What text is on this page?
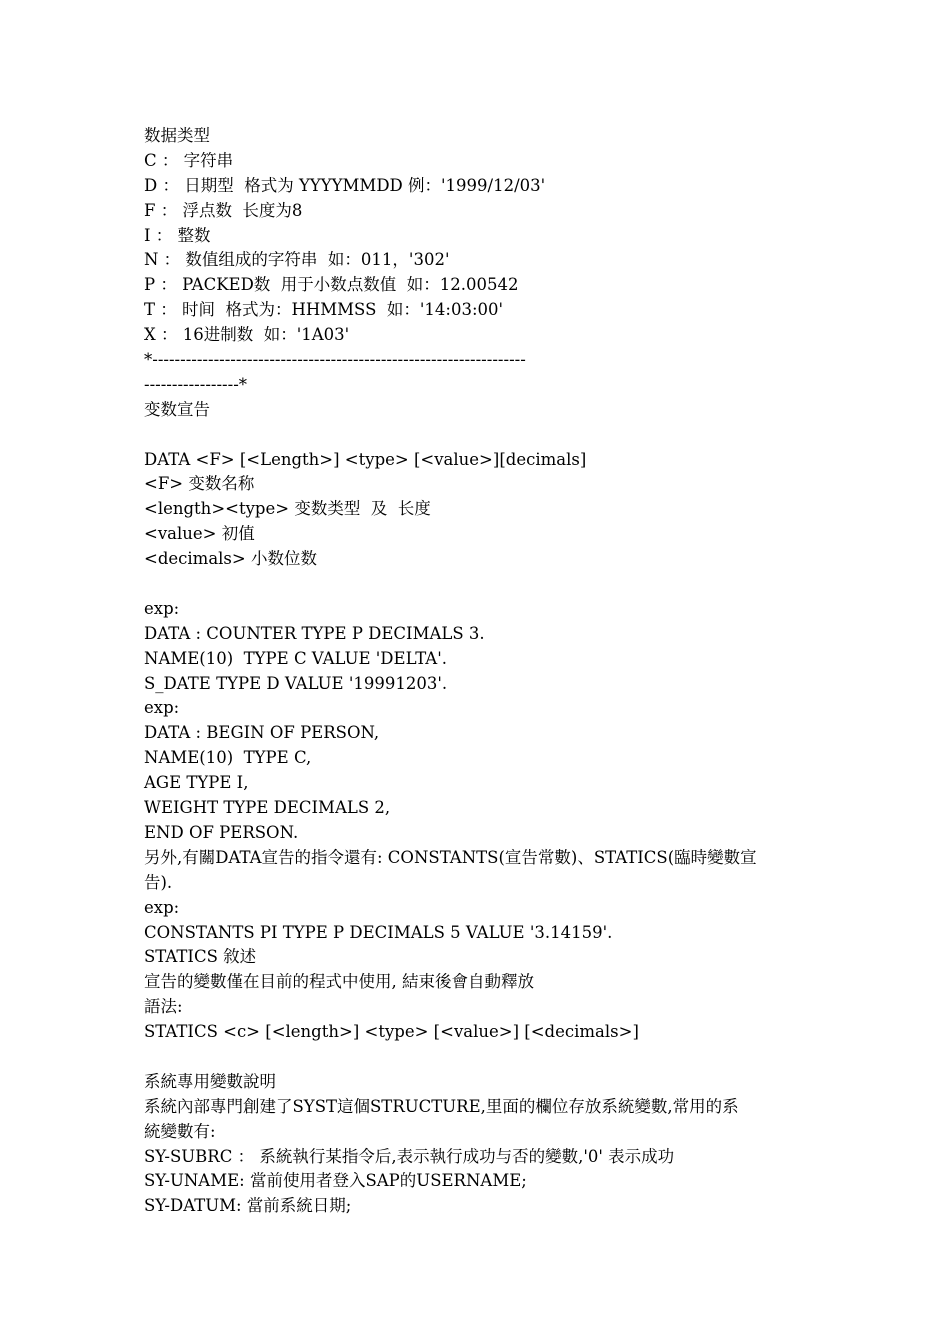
数据类型
C ： 字符串
D ： 日期型  格式为 YYYYMMDD 例：'1999/12/03'
F ： 浮点数  长度为8
I ： 整数
N ： 数值组成的字符串  如：011，'302'
P ： PACKED数  用于小数点数值  如：12.00542
T ： 时间  格式为：HHMMSS  如：'14:03:00'
X ： 16进制数  如：'1A03'
*-------------------------------------------------------------------
-----------------*
变数宣告
DATA <F> [<Length>] <type> [<value>][decimals]
<F> 变数名称
<length><type> 变数类型  及  长度
<value> 初值
<decimals> 小数位数
exp:
DATA : COUNTER TYPE P DECIMALS 3.
NAME(10)  TYPE C VALUE 'DELTA'.
S_DATE TYPE D VALUE '19991203'.
exp:
DATA : BEGIN OF PERSON,
NAME(10)  TYPE C,
AGE TYPE I,
WEIGHT TYPE DECIMALS 2,
END OF PERSON.
另外,有關DATA宣告的指令還有: CONSTANTS(宣告常數)、STATICS(臨時變數宣
告).
exp:
CONSTANTS PI TYPE P DECIMALS 5 VALUE '3.14159'.
STATICS 敘述
宣告的變數僅在目前的程式中使用, 結束後會自動釋放
語法:
STATICS <c> [<length>] <type> [<value>] [<decimals>]
系統專用變數說明
系統內部專門創建了SYST這個STRUCTURE,里面的欄位存放系統變數,常用的系
統變數有:
SY-SUBRC ： 系統執行某指令后,表示執行成功与否的變數,'0' 表示成功
SY-UNAME: 當前使用者登入SAP的USERNAME;
SY-DATUM: 當前系統日期;
